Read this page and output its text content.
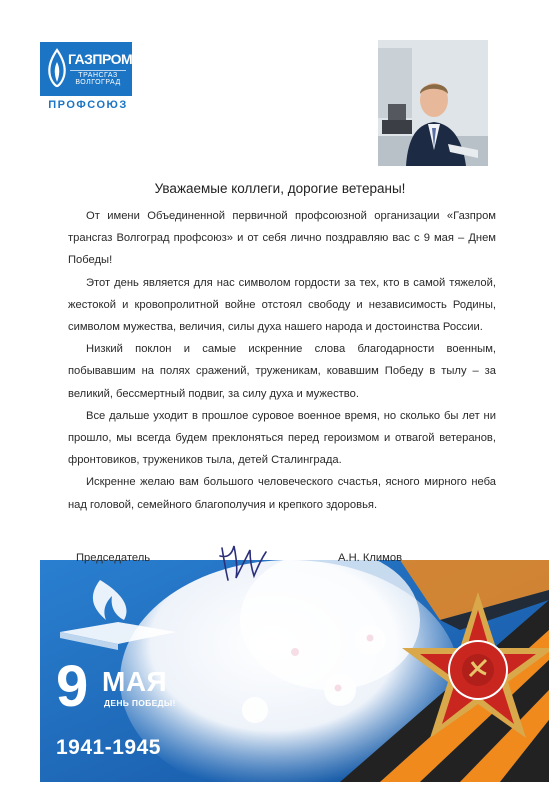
ГАЗПРОМ
ТРАНСГАЗ
ВОЛГОГРАД
ПРОФСОЮЗ
Уважаемые коллеги, дорогие ветераны!

От имени Объединенной первичной профсоюзной организации «Газпром трансгаз Волгоград профсоюз» и от себя лично поздравляю вас с 9 мая – Днем Победы!

Этот день является для нас символом гордости за тех, кто в самой тяжелой, жестокой и кровопролитной войне отстоял свободу и независимость Родины, символом мужества, величия, силы духа нашего народа и достоинства России.

Низкий поклон и самые искренние слова благодарности военным, побывавшим на полях сражений, труженикам, ковавшим Победу в тылу – за великий, бессмертный подвиг, за силу духа и мужество.

Все дальше уходит в прошлое суровое военное время, но сколько бы лет ни прошло, мы всегда будем преклоняться перед героизмом и отвагой ветеранов, фронтовиков, тружеников тыла, детей Сталинграда.

Искренне желаю вам большого человеческого счастья, ясного мирного неба над головой, семейного благополучия и крепкого здоровья.

9 МАЯ
ДЕНЬ ПОБЕДЫ!
1941-1945
Председатель	А.Н. Климов
